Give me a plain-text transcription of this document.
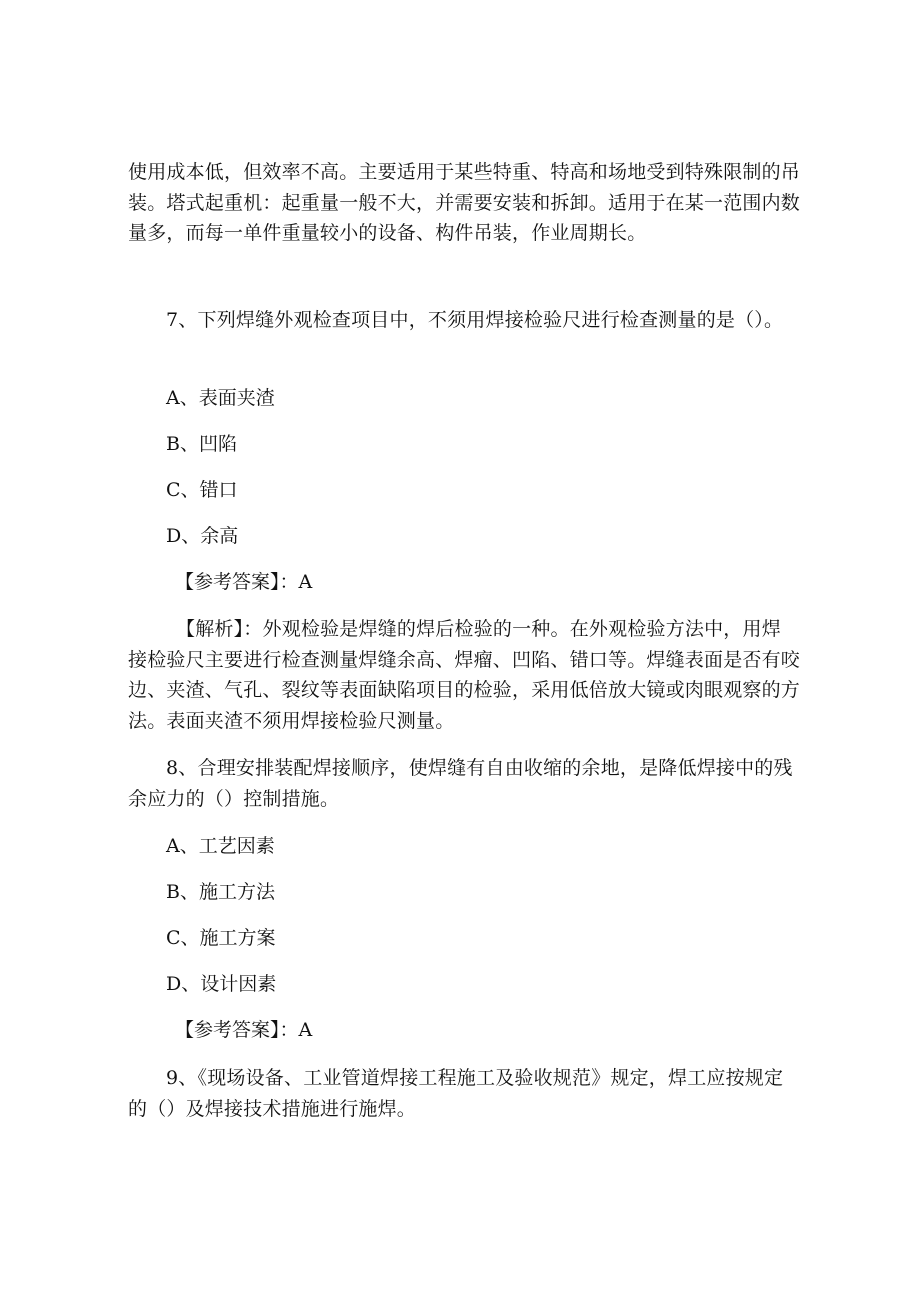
使用成本低，但效率不高。主要适用于某些特重、特高和场地受到特殊限制的吊装。塔式起重机：起重量一般不大，并需要安装和拆卸。适用于在某一范围内数量多，而每一单件重量较小的设备、构件吊装，作业周期长。

7、下列焊缝外观检查项目中，不须用焊接检验尺进行检查测量的是（）。

A、表面夹渣

B、凹陷

C、错口

D、余高

【参考答案】：A

【解析】：外观检验是焊缝的焊后检验的一种。在外观检验方法中，用焊接检验尺主要进行检查测量焊缝余高、焊瘤、凹陷、错口等。焊缝表面是否有咬边、夹渣、气孔、裂纹等表面缺陷项目的检验，采用低倍放大镜或肉眼观察的方法。表面夹渣不须用焊接检验尺测量。

8、合理安排装配焊接顺序，使焊缝有自由收缩的余地，是降低焊接中的残余应力的（）控制措施。

A、工艺因素

B、施工方法

C、施工方案

D、设计因素

【参考答案】：A

9、《现场设备、工业管道焊接工程施工及验收规范》规定，焊工应按规定的（）及焊接技术措施进行施焊。
